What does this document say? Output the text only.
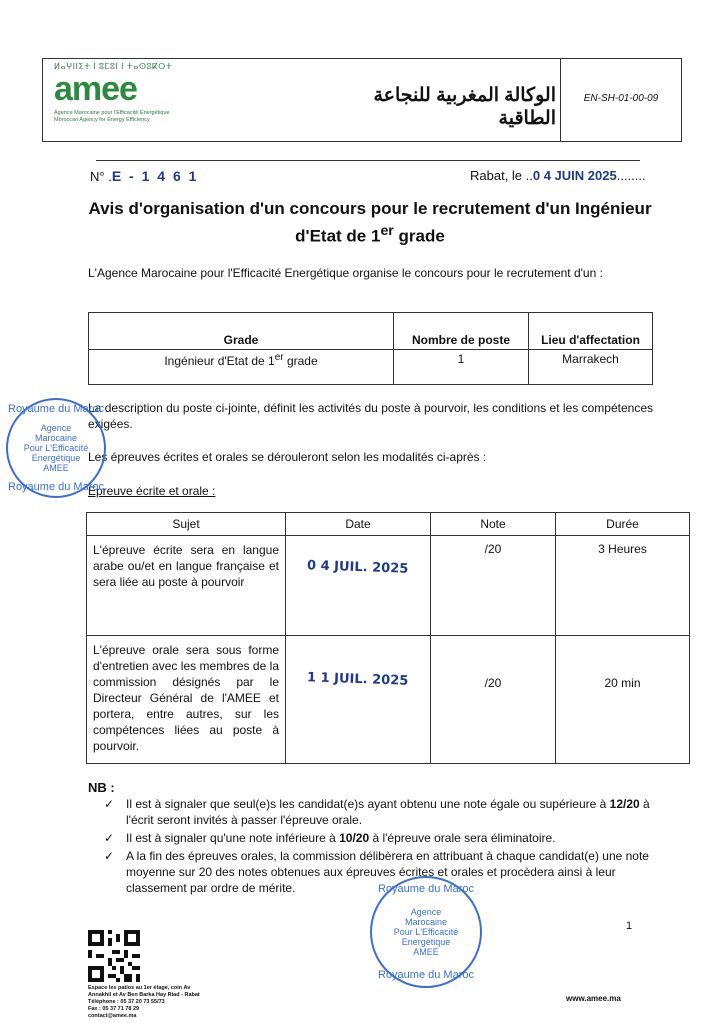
ⵍⴰⵖⵏⵏⵉⵜ ⵏ ⵓⵎⵓⵏ ⵏ ⵜⴰⵙⵓⴽⵔⵜ
amee
Agence Marocaine pour l'Efficacité Energétique
Moroccan Agency for Energy Efficiency
الوكالة المغربية للنجاعة الطاقية
EN-SH-01-00-09
N° .E - 1 4 6 1	Rabat, le ..0 4 JUIN 2025........
Avis d'organisation d'un concours pour le recrutement d'un Ingénieur
d'Etat de 1er grade
L'Agence Marocaine pour l'Efficacité Energétique organise le concours pour le recrutement d'un :
Grade	Nombre de poste	Lieu d'affectation
Ingénieur d'Etat de 1er grade	1	Marrakech
La description du poste ci-jointe, définit les activités du poste à pourvoir, les conditions et les compétences exigées.
Les épreuves écrites et orales se dérouleront selon les modalités ci-après :
Epreuve écrite et orale :
Sujet	Date	Note	Durée
L'épreuve écrite sera en langue arabe ou/et en langue française et sera liée au poste à pourvoir	0 4 JUIL. 2025	/20	3 Heures
L'épreuve orale sera sous forme d'entretien avec les membres de la commission désignés par le Directeur Général de l'AMEE et portera, entre autres, sur les compétences liées au poste à pourvoir.	1 1 JUIL. 2025	/20	20 min
NB :
✓ Il est à signaler que seul(e)s les candidat(e)s ayant obtenu une note égale ou supérieure à 12/20 à l'écrit seront invités à passer l'épreuve orale.
✓ Il est à signaler qu'une note inférieure à 10/20 à l'épreuve orale sera éliminatoire.
✓ A la fin des épreuves orales, la commission délibèrera en attribuant à chaque candidat(e) une note moyenne sur 20 des notes obtenues aux épreuves écrites et orales et procèdera ainsi à leur classement par ordre de mérite.
Royaume du Maroc
Agence
Marocaine
Pour L'Efficacité
Energétique
AMEE
Royaume du Maroc
Royaume du Maroc
Agence
Marocaine
Pour L'Efficacité
Energétique
AMEE
Royaume du Maroc
Espace les patios au 1er étage, coin Av
Annakhil et Av Ben Barka Hay Riad - Rabat
Téléphone : 05 37 20 73 55/73
Fax : 05 37 71 78 29
contact@amee.ma
1
www.amee.ma
